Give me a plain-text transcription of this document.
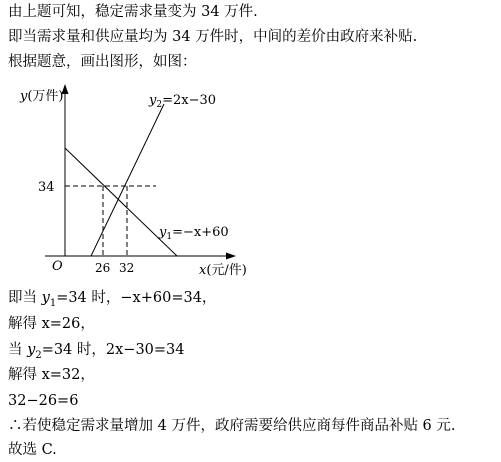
由上题可知，稳定需求量变为 34 万件.
即当需求量和供应量均为 34 万件时，中间的差价由政府来补贴.
根据题意，画出图形，如图：
y(万件)
x(元/件)
O
34
26 32
$y_2=2x-30$
$y_1=-x+60$
即当 $y_1=34$ 时，−x+60=34，
解得 x=26，
当 $y_2=34$ 时，2x−30=34
解得 x=32，
32−26=6
∴若使稳定需求量增加 4 万件，政府需要给供应商每件商品补贴 6 元.
故选 C.
